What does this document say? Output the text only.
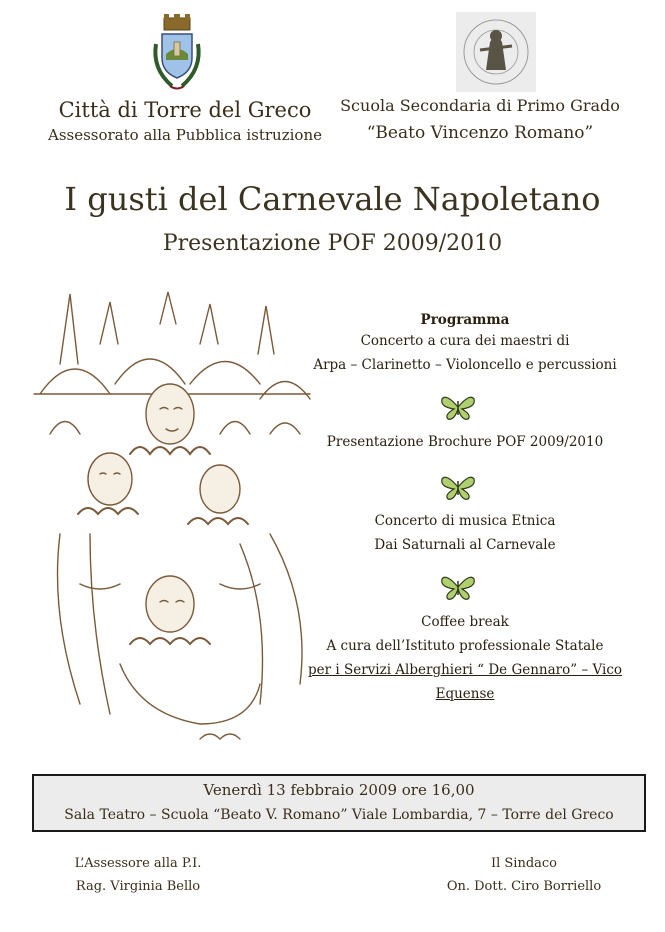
Città di Torre del Greco
Assessorato alla Pubblica istruzione
Scuola Secondaria di Primo Grado
“Beato Vincenzo Romano”
I gusti del Carnevale Napoletano
Presentazione POF 2009/2010
Programma
Concerto a cura dei maestri di
Arpa – Clarinetto – Violoncello e percussioni
Presentazione Brochure POF 2009/2010
Concerto di musica Etnica
Dai Saturnali al Carnevale
Coffee break
A cura dell’Istituto professionale Statale
per i Servizi Alberghieri “ De Gennaro” – Vico Equense
Venerdì 13 febbraio 2009 ore 16,00
Sala Teatro – Scuola “Beato V. Romano” Viale Lombardia, 7 – Torre del Greco
L’Assessore alla P.I.
Rag. Virginia Bello
Il Sindaco
On. Dott. Ciro Borriello
